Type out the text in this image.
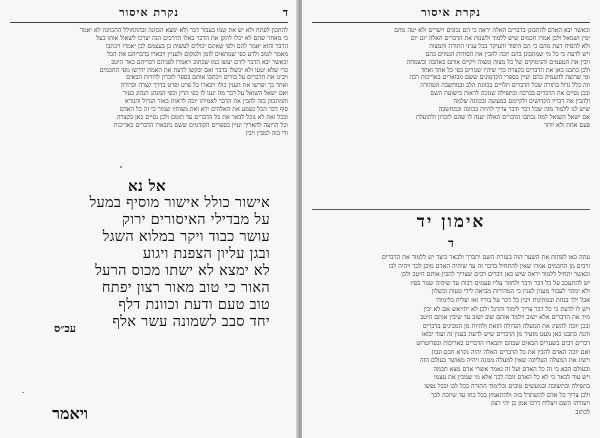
נקרת איסור	ד
להתכון לפתח ולא יש את שמו בעבור דבר ולא ימצא הכוונה ובהתחולל ההכוונה לא יאמר
כי מאחר שהם לא יכלו לתקן את הדבר באלו הדרכים הנה יצרכו לשאול אותו בעל
הדבר והוא יאמר להם ולפי שאינם יכולים לעשות כן בעצמם לכן יאמרו ויכתבו
מאמר לטוב ולרע כפי שמתאים לזמן ולמקום ולעניין ויבארו בדבריהם את הכל
וכאשר יבא הדבר לידם יעשו כמו שכתוב ויאמרו לפניהם דבריהם באר היטב
כדי שלא יטעו ולא יכשלו בדבר ואם יבקשו לדעת את האמת ידרשו מפי החכמים
ויבינו את הדברים על בורים ויכתבו אותם בספר לזכרון לדורות הבאים
ואחר כך יפרשו את הענין כולו ויבארו כל פרט ופרט בדרך קצרה וברורה
ואם ישאל השואל על דבר מה יענו לו כפי הדין וכפי המנהג הנהוג בעיר
והמתכוון בזה להבין את הדבר לאמיתו יזכה לראות באור הגדול והנורא
סוף דבר הכל נשמע את האלהים ירא ואת מצותיו שמור כי זה כל האדם
ובכל זאת לא נוכל לבאר את כל הדברים עד תומם ולכן נסיים כאן בקצרה
וכל הרוצה להאריך יעיין בספרים הקודמים ששם נתבארו הדברים באריכות
ודי בזה למבין ויבין
אל נא
אישור כולל אישור מוסיף במעל
על מבדילי האיסורים ירוק
עושר כבוד ויקר במלוא השגל
ובגן עליון הצפנת ויגוע
לא ימצא לא ישתו מכוס הרעל
האור כי טוב מאור רצון יפתח
טוב טעם ודעת וכוונת דלף
יחד סבב לשמונה עשר אלף
עכ״ס
ויאמר
נקרת איסור
וכאשר יבא האדם להתבונן בדברים האלה יראה כי הם נכונים וישרים ולא יטה מהם
ימין ושמאל ולכן אמרו חכמים שיש ללמוד ולשנות את הדברים האלה יום יום
ולא להסיח דעת מהם כי הם היסוד והעיקר בכל עניני התורה והמצוה
ויש לדעת כי כל מי שמתבונן בהם יזכה להבין את הסודות הגנוזים בהם
ויבין את הטעמים והנימוקים של כל מצוה ומצוה ויקיים אותם באהבה ובשמחה
ולכן כתבנו כאן את הדברים בקצרה כדי שיהיו שגורים בפי כל אחד ואחד
ומי שרוצה להעמיק בהם יעיין בספרי הקדמונים ששם מבוארים באריכות רבה
וזה כלל גדול בתורה שכל הדברים תלויים בכוונת הלב ובמחשבה הטהורה
ובכן נסיים את הדברים בברכה ובתפילה שנזכה לראות בישועת השם
ולהבין את דבריו הקדושים ולקיימם במעשה ובכוונה שלמה
שיש לנו ללמוד מזה שכל דבר ודבר צריך להיות בכוונה ובמחשבה
אם ישאל השואל למה נכתבו הדברים האלה יענה לו שהם לזכרון ולתועלת
פעם אחת ולא יותר
אימון יד
ד
עתה באו לפתוח את השער הזה בעזרת השם יתברך ולבאר כיצד יש ללמוד את הדברים
ורבים מן החכמים אמרו שאין להתחיל בדבר זה עד שיהיה האדם מוכן לכך ויהיה לבו
וכאשר יתחיל ללמוד יראה שיש כאן דברים רבים שצריך להבין אותם היטב ולכן
יש להתעכב על כל דבר ודבר ולחזור עליו פעמים רבות עד שיהיה שגור בפיו
ולא ימהר לעבור מענין לענין כי המהירות מביאה לידי טעות וכשלון
אבל ילך בנחת ובמתינות ויבין כל דבר על בוריו ואז יצליח בלימודו
ויש לו לדעת כי כל דבר צריך לימוד והרגל ולכן לא יתייאש אם לא יבין
מיד את הדברים אלא ישוב וילמד אותם שוב ושוב עד שיבין אותם היטב
ובכן יזכה להשיג את המעלה הגדולה הזאת ולהיות מן המבינים בדברים
והנה כתבנו כאן מעט מזעיר מן הדברים שיש לדעת בענין זה ועוד יבואו
דברים רבים בשערים הבאים שבהם יתבארו הדברים באריכות ובפרוטרוט
ואם יזכה האדם להבין את כל הדברים האלה יהיה נקרא חכם ונבון
וישיג את המעלה העליונה שאין למעלה ממנה ויהיה מאושר בעולם הזה
ובעולם הבא כי זה כל האדם ועל זה נאמר אשרי אדם מצא חכמה
ויש עוד לבאר כי לא כל האדם זוכה לכך אלא מי שמכין את עצמו
בתפילה ובתשובה ובמעשים טובים ובלימוד התורה בכל לבו ובכל נפשו
ולכן צריך כל אדם להשתדל בזה ולהתאמץ בכל כחו עד שיזכה לכך
ויעזרהו השם ויצליח דרכו אמן כן יהי רצון
לכתוב
